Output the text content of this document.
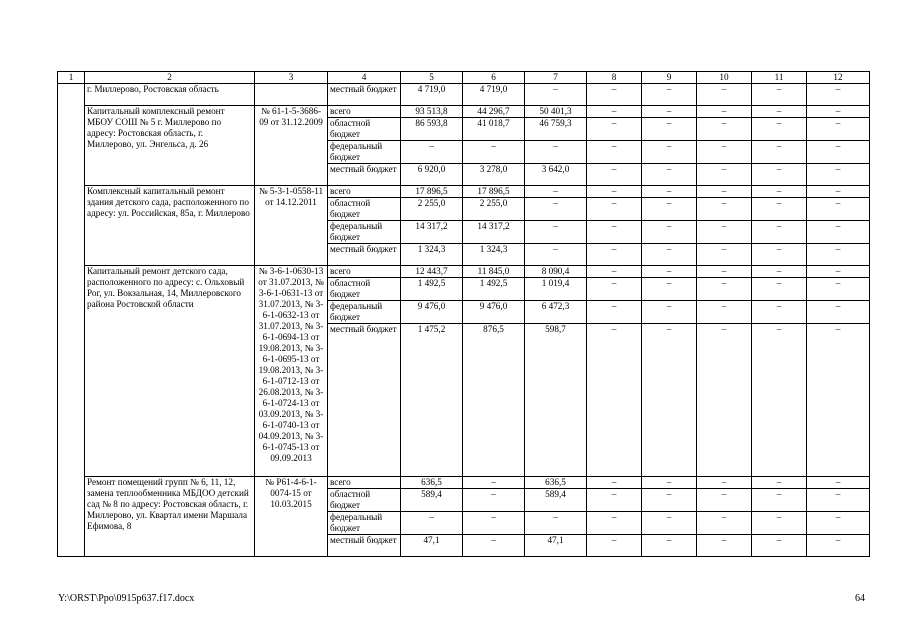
1	2	3	4	5	6	7	8	9	10	11	12
	г. Миллерово, Ростовская область		местный бюджет	4 719,0	4 719,0	–	–	–	–	–	–
	Капитальный комплексный ремонт МБОУ СОШ № 5 г. Миллерово по адресу: Ростовская область, г. Миллерово, ул. Энгельса, д. 26	№ 61-1-5-3686-09 от 31.12.2009	всего	93 513,8	44 296,7	50 401,3	–	–	–	–	–
			областной бюджет	86 593,8	41 018,7	46 759,3	–	–	–	–	–
			федеральный бюджет	–	–	–	–	–	–	–	–
			местный бюджет	6 920,0	3 278,0	3 642,0	–	–	–	–	–
	Комплексный капитальный ремонт здания детского сада, расположенного по адресу: ул. Российская, 85а, г. Миллерово	№ 5-3-1-0558-11 от 14.12.2011	всего	17 896,5	17 896,5	–	–	–	–	–	–
			областной бюджет	2 255,0	2 255,0	–	–	–	–	–	–
			федеральный бюджет	14 317,2	14 317,2	–	–	–	–	–	–
			местный бюджет	1 324,3	1 324,3	–	–	–	–	–	–
	Капитальный ремонт детского сада, расположенного по адресу: с. Ольховый Рог, ул. Вокзальная, 14, Миллеровского района Ростовской области	№ 3-6-1-0630-13 от 31.07.2013, № 3-6-1-0631-13 от 31.07.2013, № 3-6-1-0632-13 от 31.07.2013, № 3-6-1-0694-13 от 19.08.2013, № 3-6-1-0695-13 от 19.08.2013, № 3-6-1-0712-13 от 26.08.2013, № 3-6-1-0724-13 от 03.09.2013, № 3-6-1-0740-13 от 04.09.2013, № 3-6-1-0745-13 от 09.09.2013	всего	12 443,7	11 845,0	8 090,4	–	–	–	–	–
			областной бюджет	1 492,5	1 492,5	1 019,4	–	–	–	–	–
			федеральный бюджет	9 476,0	9 476,0	6 472,3	–	–	–	–	–
			местный бюджет	1 475,2	876,5	598,7	–	–	–	–	–
	Ремонт помещений групп № 6, 11, 12, замена теплообменника МБДОО детский сад № 8 по адресу: Ростовская область, г. Миллерово, ул. Квартал имени Маршала Ефимова, 8	№ Р61-4-6-1-0074-15 от 10.03.2015	всего	636,5	–	636,5	–	–	–	–	–
			областной бюджет	589,4	–	589,4	–	–	–	–	–
			федеральный бюджет	–	–	–	–	–	–	–	–
			местный бюджет	47,1	–	47,1	–	–	–	–	–
Y:\ORST\Ppo\0915p637.f17.docx	64
